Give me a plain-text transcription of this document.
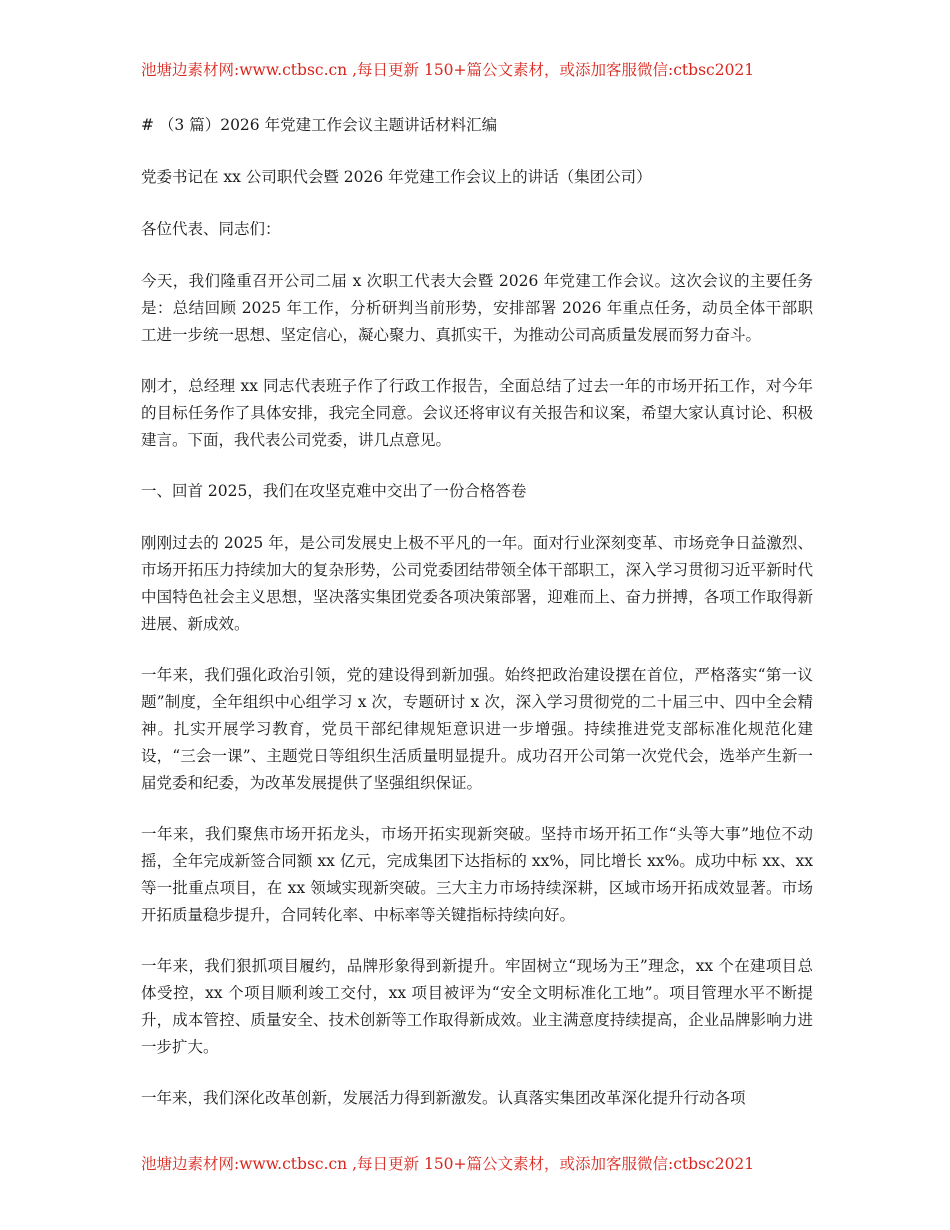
池塘边素材网:www.ctbsc.cn ,每日更新 150+篇公文素材，或添加客服微信:ctbsc2021

# （3 篇）2026 年党建工作会议主题讲话材料汇编

党委书记在 xx 公司职代会暨 2026 年党建工作会议上的讲话（集团公司）

各位代表、同志们：

今天，我们隆重召开公司二届 x 次职工代表大会暨 2026 年党建工作会议。这次会议的主要任务是：总结回顾 2025 年工作，分析研判当前形势，安排部署 2026 年重点任务，动员全体干部职工进一步统一思想、坚定信心，凝心聚力、真抓实干，为推动公司高质量发展而努力奋斗。

刚才，总经理 xx 同志代表班子作了行政工作报告，全面总结了过去一年的市场开拓工作，对今年的目标任务作了具体安排，我完全同意。会议还将审议有关报告和议案，希望大家认真讨论、积极建言。下面，我代表公司党委，讲几点意见。

一、回首 2025，我们在攻坚克难中交出了一份合格答卷

刚刚过去的 2025 年，是公司发展史上极不平凡的一年。面对行业深刻变革、市场竞争日益激烈、市场开拓压力持续加大的复杂形势，公司党委团结带领全体干部职工，深入学习贯彻习近平新时代中国特色社会主义思想，坚决落实集团党委各项决策部署，迎难而上、奋力拼搏，各项工作取得新进展、新成效。

一年来，我们强化政治引领，党的建设得到新加强。始终把政治建设摆在首位，严格落实“第一议题”制度，全年组织中心组学习 x 次，专题研讨 x 次，深入学习贯彻党的二十届三中、四中全会精神。扎实开展学习教育，党员干部纪律规矩意识进一步增强。持续推进党支部标准化规范化建设，“三会一课”、主题党日等组织生活质量明显提升。成功召开公司第一次党代会，选举产生新一届党委和纪委，为改革发展提供了坚强组织保证。

一年来，我们聚焦市场开拓龙头，市场开拓实现新突破。坚持市场开拓工作“头等大事”地位不动摇，全年完成新签合同额 xx 亿元，完成集团下达指标的 xx%，同比增长 xx%。成功中标 xx、xx 等一批重点项目，在 xx 领域实现新突破。三大主力市场持续深耕，区域市场开拓成效显著。市场开拓质量稳步提升，合同转化率、中标率等关键指标持续向好。

一年来，我们狠抓项目履约，品牌形象得到新提升。牢固树立“现场为王”理念，xx 个在建项目总体受控，xx 个项目顺利竣工交付，xx 项目被评为“安全文明标准化工地”。项目管理水平不断提升，成本管控、质量安全、技术创新等工作取得新成效。业主满意度持续提高，企业品牌影响力进一步扩大。

一年来，我们深化改革创新，发展活力得到新激发。认真落实集团改革深化提升行动各项

池塘边素材网:www.ctbsc.cn ,每日更新 150+篇公文素材，或添加客服微信:ctbsc2021
